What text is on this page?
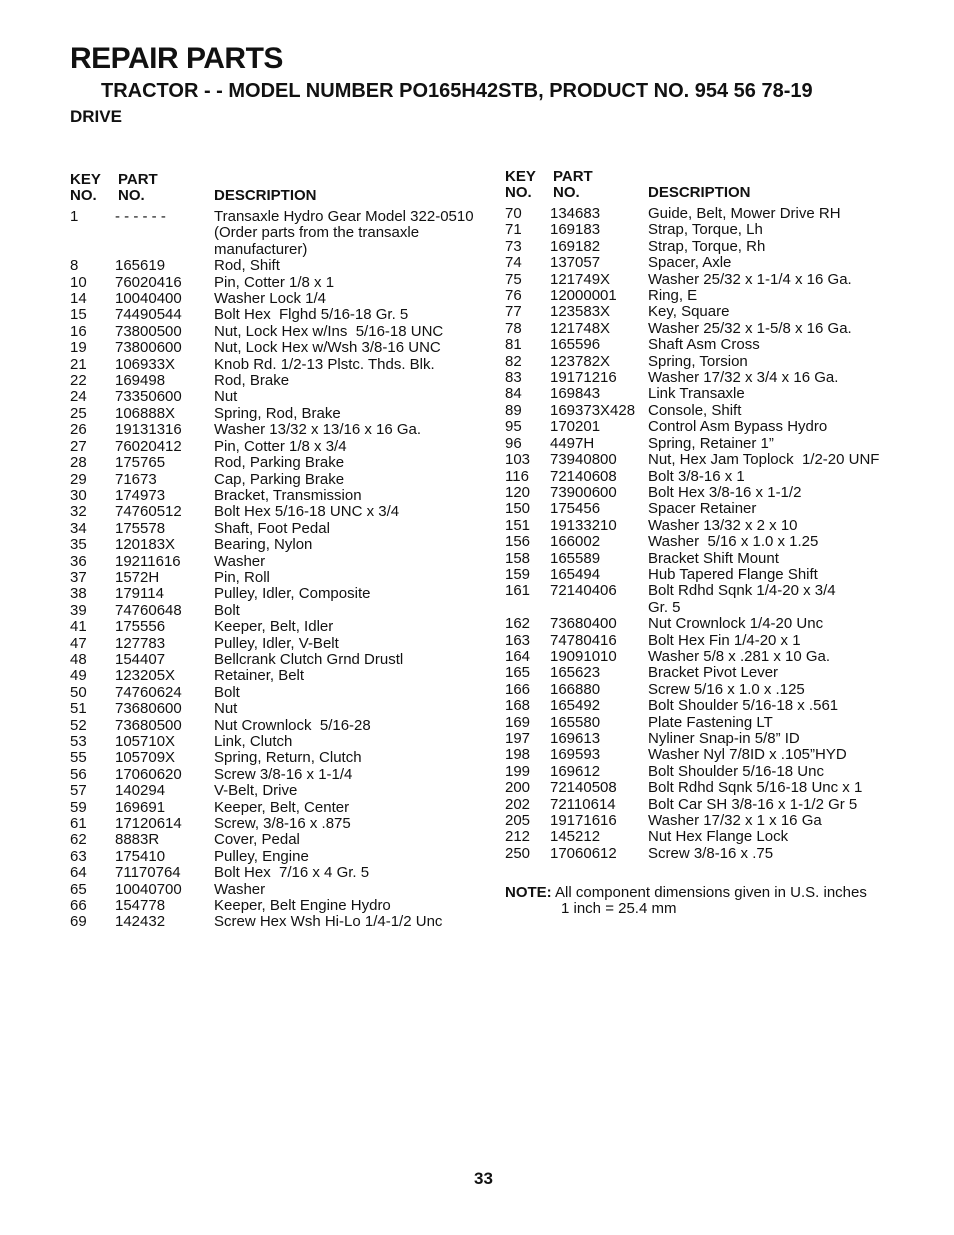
REPAIR PARTS
TRACTOR - - MODEL NUMBER PO165H42STB, PRODUCT NO. 954 56 78-19
DRIVE
KEY
NO.
PART
NO.	DESCRIPTION
1 - - - - - -	Transaxle Hydro Gear Model 322-0510
(Order parts from the transaxle
manufacturer)
8 165619	Rod, Shift
10 76020416 Pin, Cotter 1/8 x 1
14 10040400 Washer Lock 1/4
15 74490544 Bolt Hex  Flghd 5/16-18 Gr. 5
16 73800500 Nut, Lock Hex w/Ins  5/16-18 UNC
19 73800600 Nut, Lock Hex w/Wsh 3/8-16 UNC
21 106933X	Knob Rd. 1/2-13 Plstc. Thds. Blk.
22 169498	Rod, Brake
24 73350600 Nut
25 106888X	Spring, Rod, Brake
26 19131316 Washer 13/32 x 13/16 x 16 Ga.
27 76020412 Pin, Cotter 1/8 x 3/4
28 175765	Rod, Parking Brake
29 71673	Cap, Parking Brake
30 174973	Bracket, Transmission
32 74760512 Bolt Hex 5/16-18 UNC x 3/4
34 175578	Shaft, Foot Pedal
35 120183X	Bearing, Nylon
36 19211616 Washer
37 1572H	Pin, Roll
38 179114	Pulley, Idler, Composite
39 74760648 Bolt
41 175556	Keeper, Belt, Idler
47 127783	Pulley, Idler, V-Belt
48 154407	Bellcrank Clutch Grnd Drustl
49 123205X	Retainer, Belt
50 74760624 Bolt
51 73680600 Nut
52 73680500 Nut Crownlock  5/16-28
53 105710X	Link, Clutch
55 105709X	Spring, Return, Clutch
56 17060620 Screw 3/8-16 x 1-1/4
57 140294	V-Belt, Drive
59 169691	Keeper, Belt, Center
61 17120614 Screw, 3/8-16 x .875
62 8883R	Cover, Pedal
63 175410	Pulley, Engine
64 71170764 Bolt Hex  7/16 x 4 Gr. 5
65 10040700 Washer
66 154778	Keeper, Belt Engine Hydro
69 142432	Screw Hex Wsh Hi-Lo 1/4-1/2 Unc
KEY
NO.
PART
NO.	DESCRIPTION
70 134683	Guide, Belt, Mower Drive RH
71 169183	Strap, Torque, Lh
73 169182	Strap, Torque, Rh
74 137057	Spacer, Axle
75 121749X	Washer 25/32 x 1-1/4 x 16 Ga.
76 12000001 Ring, E
77 123583X	Key, Square
78 121748X	Washer 25/32 x 1-5/8 x 16 Ga.
81 165596	Shaft Asm Cross
82 123782X	Spring, Torsion
83 19171216 Washer 17/32 x 3/4 x 16 Ga.
84 169843	Link Transaxle
89 169373X428 Console, Shift
95 170201	Control Asm Bypass Hydro
96 4497H	Spring, Retainer 1”
103 73940800 Nut, Hex Jam Toplock  1/2-20 UNF
116 72140608 Bolt 3/8-16 x 1
120 73900600 Bolt Hex 3/8-16 x 1-1/2
150 175456	Spacer Retainer
151 19133210 Washer 13/32 x 2 x 10
156 166002	Washer  5/16 x 1.0 x 1.25
158 165589	Bracket Shift Mount
159 165494	Hub Tapered Flange Shift
161 72140406 Bolt Rdhd Sqnk 1/4-20 x 3/4
Gr. 5
162 73680400 Nut Crownlock 1/4-20 Unc
163 74780416 Bolt Hex Fin 1/4-20 x 1
164 19091010 Washer 5/8 x .281 x 10 Ga.
165 165623	Bracket Pivot Lever
166 166880	Screw 5/16 x 1.0 x .125
168 165492	Bolt Shoulder 5/16-18 x .561
169 165580	Plate Fastening LT
197 169613	Nyliner Snap-in 5/8” ID
198 169593	Washer Nyl 7/8ID x .105”HYD
199 169612	Bolt Shoulder 5/16-18 Unc
200 72140508 Bolt Rdhd Sqnk 5/16-18 Unc x 1
202 72110614 Bolt Car SH 3/8-16 x 1-1/2 Gr 5
205 19171616 Washer 17/32 x 1 x 16 Ga
212 145212	Nut Hex Flange Lock
250 17060612 Screw 3/8-16 x .75
NOTE: All component dimensions given in U.S. inches
1 inch = 25.4 mm
33
